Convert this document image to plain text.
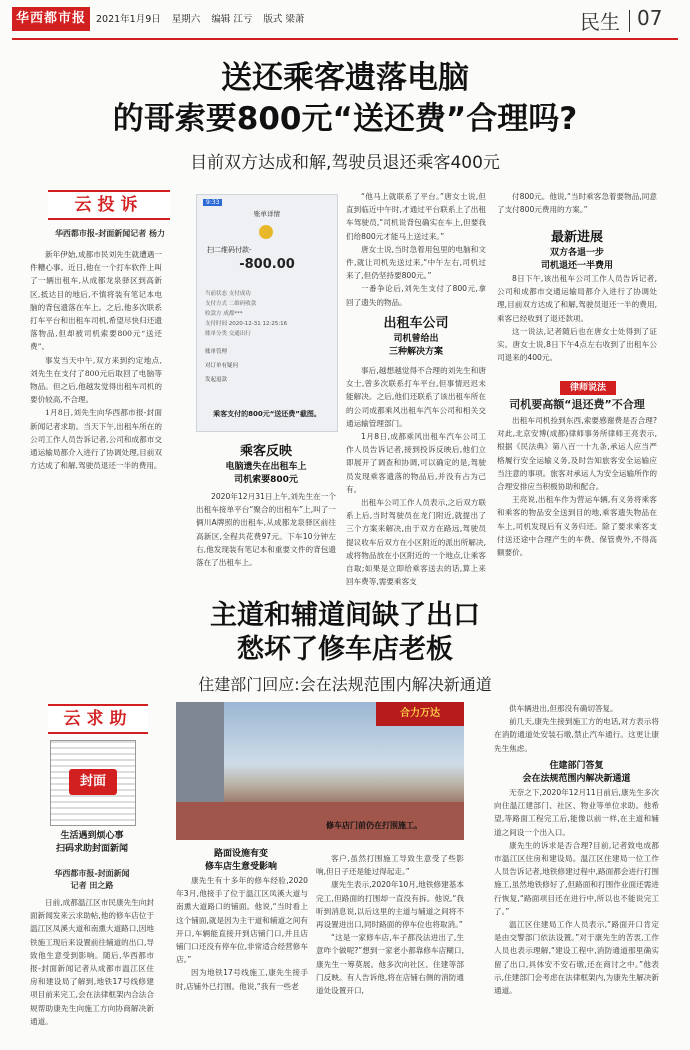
华西都市报	2021年1月9日 星期六 编辑 江亏 版式 梁萧	民生 07
送还乘客遗落电脑
的哥索要800元“送还费”合理吗?
目前双方达成和解,驾驶员退还乘客400元
云投诉
华西都市报-封面新闻记者 杨力

新年伊始,成都市民刘先生就遭遇一件糟心事。近日,他在一个打车软件上叫了一辆出租车,从成都龙泉驿区到高新区,抵达目的地后,不慎将装有笔记本电脑的背包遗落在车上。之后,他多次联系打车平台和出租车司机,希望尽快归还遗落物品,但却被司机索要800元“送还费”。

事发当天中午,双方来到约定地点,刘先生在支付了800元后取回了电脑等物品。但之后,他越发觉得出租车司机的要价较高,不合理。

1月8日,刘先生向华西都市报-封面新闻记者求助。当天下午,出租车所在的公司工作人员告诉记者,公司和成都市交通运输局都介入进行了协调处理,目前双方达成了和解,驾驶员退还一半的费用。

9:33
账单详情
扫二维码付款-
-800.00
当前状态 支付成功
支付方式 二维码收款
收款方 成都***
支付时间 2020-12-31 12:25:16
账单分类 交通出行
账单管理
对订单有疑问
发起退款
乘客支付的800元“送还费”截图。
乘客反映
电脑遗失在出租车上
司机索要800元

2020年12月31日上午,刘先生在一个出租车接单平台“聚合的出租车”上,叫了一俩川A牌照的出租车,从成都龙泉驿区前往高新区,全程共花费97元。下车10分钟左右,他发现装有笔记本和重要文件的背包遗落在了出租车上。

“他马上就联系了平台。”唐女士说,但直到临近中午时,才通过平台联系上了出租车驾驶员,“司机说背包确实在车上,但要我们给800元才能马上送过来。”

唐女士说,当时急着用包里的电脑和文件,就让司机先送过来,“中午左右,司机过来了,但仍坚持要800元。”

一番争论后,刘先生支付了800元,拿回了遗失的物品。

出租车公司
司机曾给出
三种解决方案

事后,越想越觉得不合理的刘先生和唐女士,曾多次联系打车平台,但事情迟迟未能解决。之后,他们还联系了该出租车所在的公司成都乘风出租车汽车公司和相关交通运输管理部门。

1月8日,成都乘风出租车汽车公司工作人员告诉记者,接到投诉反映后,他们立即展开了调查和协调,可以确定的是,驾驶员发现乘客遗落的物品后,并没有占为己有。

出租车公司工作人员表示,之后双方联系上后,当时驾驶员在龙门附近,就提出了三个方案来解决,由于双方在路远,驾驶员提议收车后双方在小区附近的派出所解决,或将物品放在小区附近的一个地点,让乘客自取;如果是立即给乘客送去的话,算上来回车费等,需要乘客支

付800元。他说,“当时乘客急着要物品,同意了支付800元费用的方案。”

最新进展
双方各退一步
司机退还一半费用

8日下午,该出租车公司工作人员告诉记者,公司和成都市交通运输局都介入进行了协调处理,目前双方达成了和解,驾驶员退还一半的费用,乘客已经收到了退还款项。

这一说法,记者随后也在唐女士处得到了证实。唐女士说,8日下午4点左右收到了出租车公司退来的400元。

律师说法
司机要高额“退还费”不合理

出租车司机捡到东西,索要感谢费是否合理?对此,北京安博(成都)律师事务所律师王亮表示,根据《民法典》第八百一十九条,承运人应当严格履行安全运输义务,及时告知旅客安全运输应当注意的事项。旅客对承运人为安全运输所作的合理安排应当积极协助和配合。

王亮说,出租车作为营运车辆,有义务将乘客和乘客的物品安全送到目的地,乘客遗失物品在车上,司机发现后有义务归还。除了要求乘客支付送还途中合理产生的车费、保管费外,不得高额要价。

主道和辅道间缺了出口
愁坏了修车店老板
住建部门回应:会在法规范围内解决新通道
云求助
封面
生活遇到烦心事
扫码求助封面新闻
华西都市报-封面新闻
记者 田之路

日前,成都温江区市民康先生向封面新闻发来云求助帖,他的修车店位于温江区凤溪大道和南熏大道路口,因地铁施工现后来设置前往辅道的出口,导致他生意受到影响。随后,华西都市报-封面新闻记者从成都市温江区住房和建设局了解到,地铁17号线修建项目前来完工,会在法律框架内合法合规帮助康先生向施工方向协商解决新通道。

合力万达
修车店门前仍在打围施工。
路面设施有变
修车店生意受影响

康先生有十多年的修车经验,2020年3月,他接手了位于温江区凤溪大道与南熏大道路口的铺面。他说,“当时看上这个铺面,就是因为主干道和辅道之间有开口,车辆能直接开到店铺门口,并且店铺门口还没有停车位,非常适合经营修车店。”

因为地铁17号线施工,康先生接手时,店铺外已打围。他说,“我有一些老

客户,虽然打围施工导致生意受了些影响,但日子还是能过得起走。”

康先生表示,2020年10月,地铁修建基本完工,但路面的打围却一直没有拆。他说,“我听到消息说,以后这里的主道与辅道之间将不再设置进出口,同时路面的停车位也将取消。”

“这是一家修车店,车子都没法进出了,生意咋个做呢?”想到一家老小都靠修车店糊口,康先生一筹莫展。他多次向社区、住建等部门反映。有人告诉他,将在店铺右侧的消防通道处设置开口,

供车辆进出,但那没有确切答复。

前几天,康先生接到施工方的电话,对方表示将在消防通道处安装石墩,禁止汽车通行。这更让康先生焦虑。

住建部门答复
会在法规范围内解决新通道

无奈之下,2020年12月11日前后,康先生多次向住温江建部门、社区、物业等单位求助。他希望,等路面工程完工后,能像以前一样,在主道和辅道之间设一个出入口。

康先生的诉求是否合理?目前,记者致电成都市温江区住房和建设局。温江区住建局一位工作人员告诉记者,地铁修建过程中,路面都会进行打围施工,虽然地铁修好了,但路面和打围作业面还需进行恢复,“路面项目还在进行中,所以也不能说完工了。”

温江区住建局工作人员表示,“路面开口肯定是由交警部门依法设置。”对于康先生的苦衷,工作人员也表示理解,“建设工程中,消防通道那里确实留了出口,具体安不安石墩,还在商讨之中。”他表示,住建部门会考虑在法律框架内,为康先生解决新通道。
